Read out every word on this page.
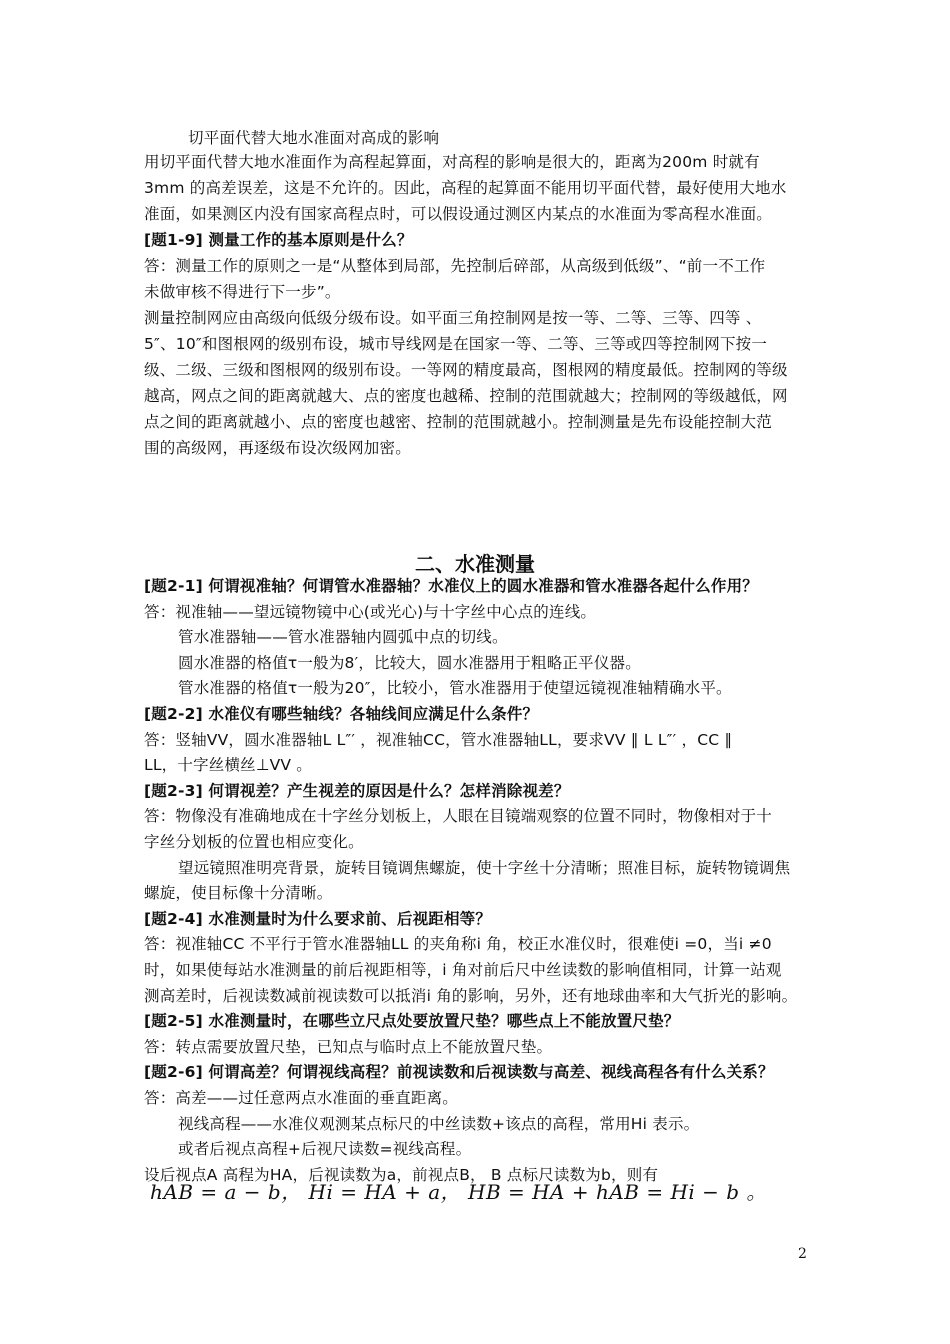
切平面代替大地水准面对高成的影响
用切平面代替大地水准面作为高程起算面，对高程的影响是很大的，距离为200m 时就有
3mm 的高差误差，这是不允许的。因此，高程的起算面不能用切平面代替，最好使用大地水
准面，如果测区内没有国家高程点时，可以假设通过测区内某点的水准面为零高程水准面。
[题1-9] 测量工作的基本原则是什么？
答：测量工作的原则之一是“从整体到局部，先控制后碎部，从高级到低级”、“前一不工作
未做审核不得进行下一步”。
测量控制网应由高级向低级分级布设。如平面三角控制网是按一等、二等、三等、四等 、
5″、10″和图根网的级别布设，城市导线网是在国家一等、二等、三等或四等控制网下按一
级、二级、三级和图根网的级别布设。一等网的精度最高，图根网的精度最低。控制网的等级
越高，网点之间的距离就越大、点的密度也越稀、控制的范围就越大；控制网的等级越低，网
点之间的距离就越小、点的密度也越密、控制的范围就越小。控制测量是先布设能控制大范
围的高级网，再逐级布设次级网加密。
二、水准测量
[题2-1] 何谓视准轴？何谓管水准器轴？水准仪上的圆水准器和管水准器各起什么作用？
答：视准轴——望远镜物镜中心(或光心)与十字丝中心点的连线。
管水准器轴——管水准器轴内圆弧中点的切线。
圆水准器的格值τ一般为8′，比较大，圆水准器用于粗略正平仪器。
管水准器的格值τ一般为20″，比较小，管水准器用于使望远镜视准轴精确水平。
[题2-2] 水准仪有哪些轴线？各轴线间应满足什么条件？
答：竖轴VV，圆水准器轴L L″′ ，视准轴CC，管水准器轴LL，要求VV ∥ L L″′ ，CC ∥
LL，十字丝横丝⊥VV 。
[题2-3] 何谓视差？产生视差的原因是什么？怎样消除视差？
答：物像没有准确地成在十字丝分划板上，人眼在目镜端观察的位置不同时，物像相对于十
字丝分划板的位置也相应变化。
望远镜照准明亮背景，旋转目镜调焦螺旋，使十字丝十分清晰；照准目标，旋转物镜调焦
螺旋，使目标像十分清晰。
[题2-4] 水准测量时为什么要求前、后视距相等？
答：视准轴CC 不平行于管水准器轴LL 的夹角称i 角，校正水准仪时，很难使i =0，当i ≠0
时，如果使每站水准测量的前后视距相等，i 角对前后尺中丝读数的影响值相同，计算一站观
测高差时，后视读数减前视读数可以抵消i 角的影响，另外，还有地球曲率和大气折光的影响。
[题2-5] 水准测量时，在哪些立尺点处要放置尺垫？哪些点上不能放置尺垫？
答：转点需要放置尺垫，已知点与临时点上不能放置尺垫。
[题2-6] 何谓高差？何谓视线高程？前视读数和后视读数与高差、视线高程各有什么关系？
答：高差——过任意两点水准面的垂直距离。
视线高程——水准仪观测某点标尺的中丝读数+该点的高程，常用Hi 表示。
或者后视点高程+后视尺读数=视线高程。
设后视点A 高程为HA，后视读数为a，前视点B， B 点标尺读数为b，则有
hAB = a − b， Hi = HA + a， HB = HA + hAB = Hi − b 。
2
